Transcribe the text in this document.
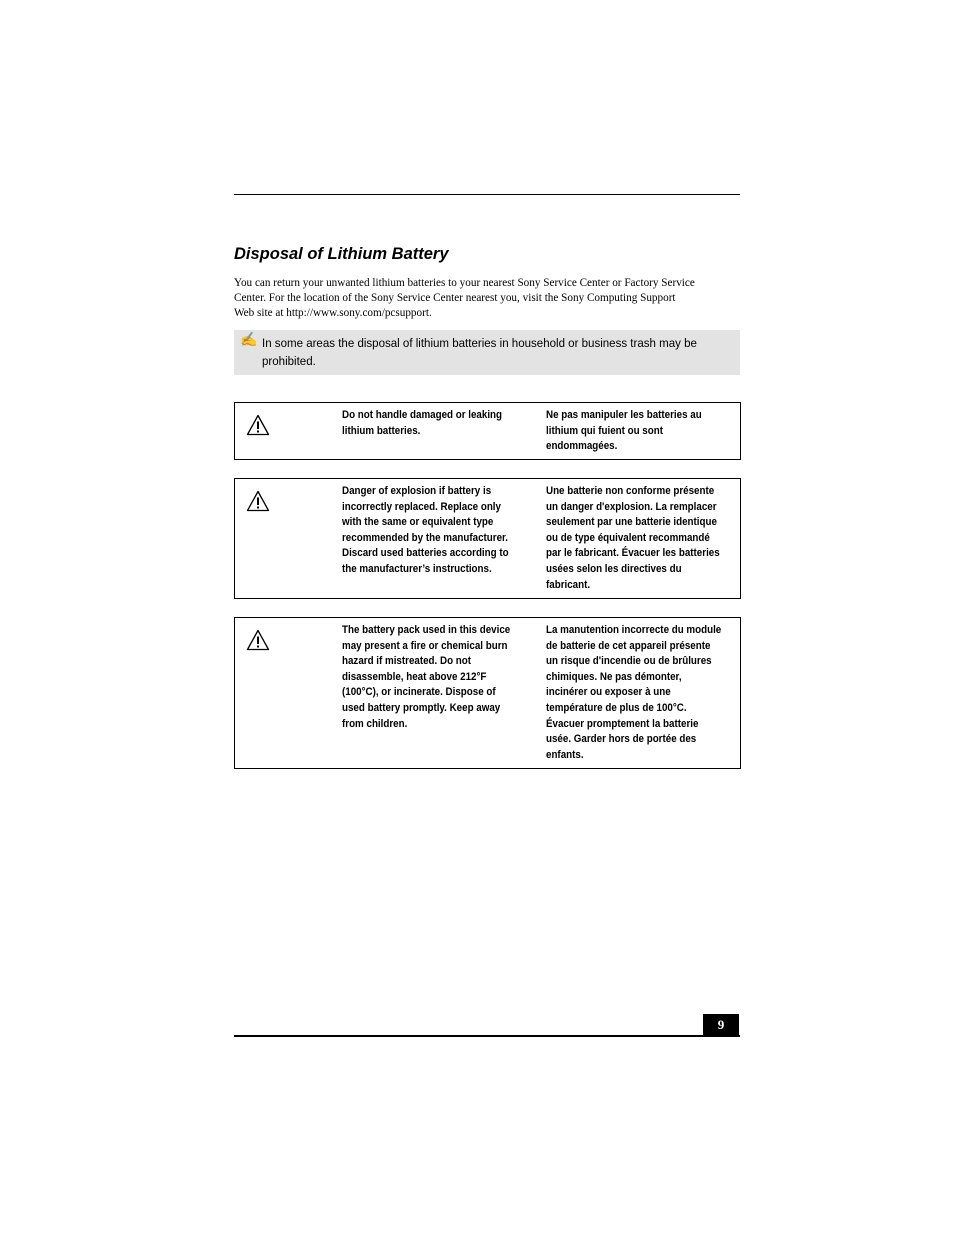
Disposal of Lithium Battery

You can return your unwanted lithium batteries to your nearest Sony Service Center or Factory Service
Center. For the location of the Sony Service Center nearest you, visit the Sony Computing Support
Web site at http://www.sony.com/pcsupport.

✍ In some areas the disposal of lithium batteries in household or business trash may be
prohibited.
Do not handle damaged or leaking
lithium batteries.
Ne pas manipuler les batteries au
lithium qui fuient ou sont
endommagées.
Danger of explosion if battery is
incorrectly replaced. Replace only
with the same or equivalent type
recommended by the manufacturer.
Discard used batteries according to
the manufacturer’s instructions.
Une batterie non conforme présente
un danger d'explosion. La remplacer
seulement par une batterie identique
ou de type équivalent recommandé
par le fabricant. Évacuer les batteries
usées selon les directives du
fabricant.
The battery pack used in this device
may present a fire or chemical burn
hazard if mistreated. Do not
disassemble, heat above 212°F
(100°C), or incinerate. Dispose of
used battery promptly. Keep away
from children.
La manutention incorrecte du module
de batterie de cet appareil présente
un risque d'incendie ou de brûlures
chimiques. Ne pas démonter,
incinérer ou exposer à une
température de plus de 100°C.
Évacuer promptement la batterie
usée. Garder hors de portée des
enfants.
9
